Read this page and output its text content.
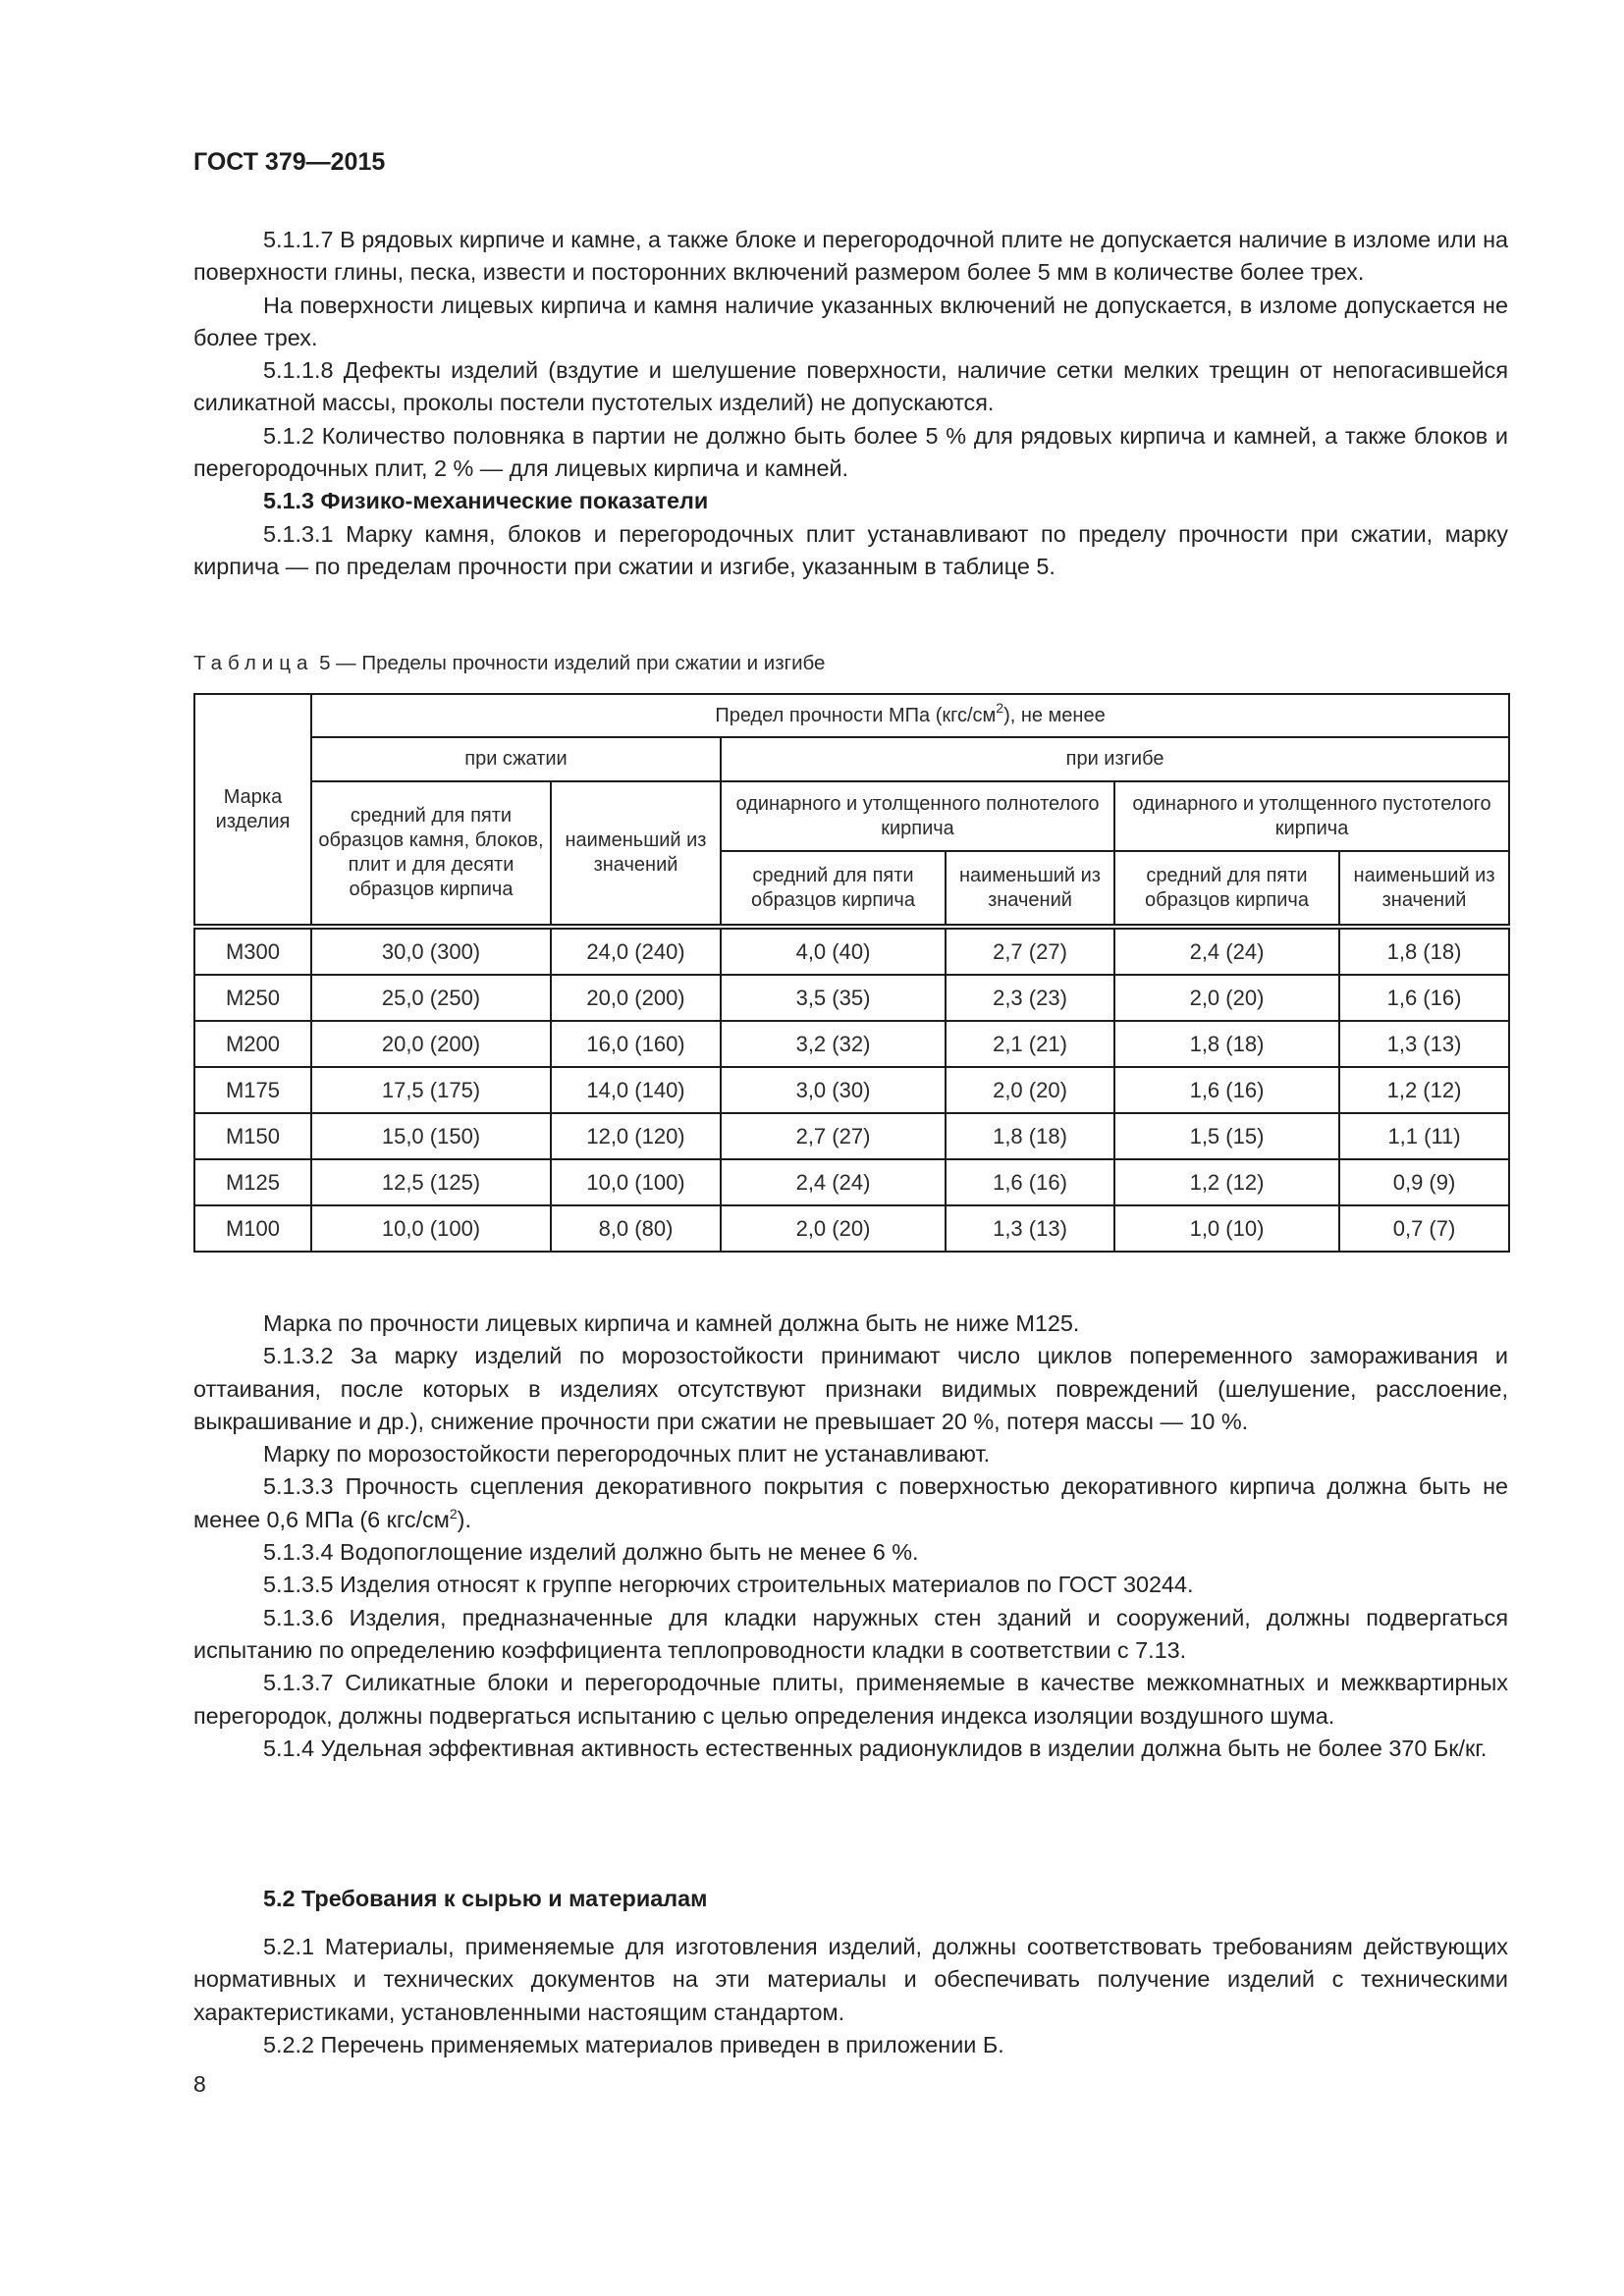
ГОСТ 379—2015

5.1.1.7 В рядовых кирпиче и камне, а также блоке и перегородочной плите не допускается наличие в изломе или на поверхности глины, песка, извести и посторонних включений размером более 5 мм в количестве более трех.

На поверхности лицевых кирпича и камня наличие указанных включений не допускается, в изломе допускается не более трех.

5.1.1.8 Дефекты изделий (вздутие и шелушение поверхности, наличие сетки мелких трещин от непогасившейся силикатной массы, проколы постели пустотелых изделий) не допускаются.

5.1.2 Количество половняка в партии не должно быть более 5 % для рядовых кирпича и камней, а также блоков и перегородочных плит, 2 % — для лицевых кирпича и камней.

5.1.3 Физико-механические показатели

5.1.3.1 Марку камня, блоков и перегородочных плит устанавливают по пределу прочности при сжатии, марку кирпича — по пределам прочности при сжатии и изгибе, указанным в таблице 5.

Таблица 5 — Пределы прочности изделий при сжатии и изгибе
Марка изделия	Предел прочности МПа $(кгс/см^2)$, не менее					
	при сжатии		при изгибе			
	средний для пяти образцов камня, блоков, плит и для десяти образцов кирпича	наименьший из значений	одинарного и утолщенного полнотелого кирпича		одинарного и утолщенного пустотелого кирпича	
			средний для пяти образцов кирпича	наименьший из значений	средний для пяти образцов кирпича	наименьший из значений
М300	30,0 (300)	24,0 (240)	4,0 (40)	2,7 (27)	2,4 (24)	1,8 (18)
М250	25,0 (250)	20,0 (200)	3,5 (35)	2,3 (23)	2,0 (20)	1,6 (16)
М200	20,0 (200)	16,0 (160)	3,2 (32)	2,1 (21)	1,8 (18)	1,3 (13)
М175	17,5 (175)	14,0 (140)	3,0 (30)	2,0 (20)	1,6 (16)	1,2 (12)
М150	15,0 (150)	12,0 (120)	2,7 (27)	1,8 (18)	1,5 (15)	1,1 (11)
М125	12,5 (125)	10,0 (100)	2,4 (24)	1,6 (16)	1,2 (12)	0,9 (9)
М100	10,0 (100)	8,0 (80)	2,0 (20)	1,3 (13)	1,0 (10)	0,7 (7)

Марка по прочности лицевых кирпича и камней должна быть не ниже М125.

5.1.3.2 За марку изделий по морозостойкости принимают число циклов попеременного замораживания и оттаивания, после которых в изделиях отсутствуют признаки видимых повреждений (шелушение, расслоение, выкрашивание и др.), снижение прочности при сжатии не превышает 20 %, потеря массы — 10 %.

Марку по морозостойкости перегородочных плит не устанавливают.

5.1.3.3 Прочность сцепления декоративного покрытия с поверхностью декоративного кирпича должна быть не менее 0,6 МПа (6 кгс/$см^2$).

5.1.3.4 Водопоглощение изделий должно быть не менее 6 %.

5.1.3.5 Изделия относят к группе негорючих строительных материалов по ГОСТ 30244.

5.1.3.6 Изделия, предназначенные для кладки наружных стен зданий и сооружений, должны подвергаться испытанию по определению коэффициента теплопроводности кладки в соответствии с 7.13.

5.1.3.7 Силикатные блоки и перегородочные плиты, применяемые в качестве межкомнатных и межквартирных перегородок, должны подвергаться испытанию с целью определения индекса изоляции воздушного шума.

5.1.4 Удельная эффективная активность естественных радионуклидов в изделии должна быть не более 370 Бк/кг.

5.2 Требования к сырью и материалам

5.2.1 Материалы, применяемые для изготовления изделий, должны соответствовать требованиям действующих нормативных и технических документов на эти материалы и обеспечивать получение изделий с техническими характеристиками, установленными настоящим стандартом.

5.2.2 Перечень применяемых материалов приведен в приложении Б.

8
